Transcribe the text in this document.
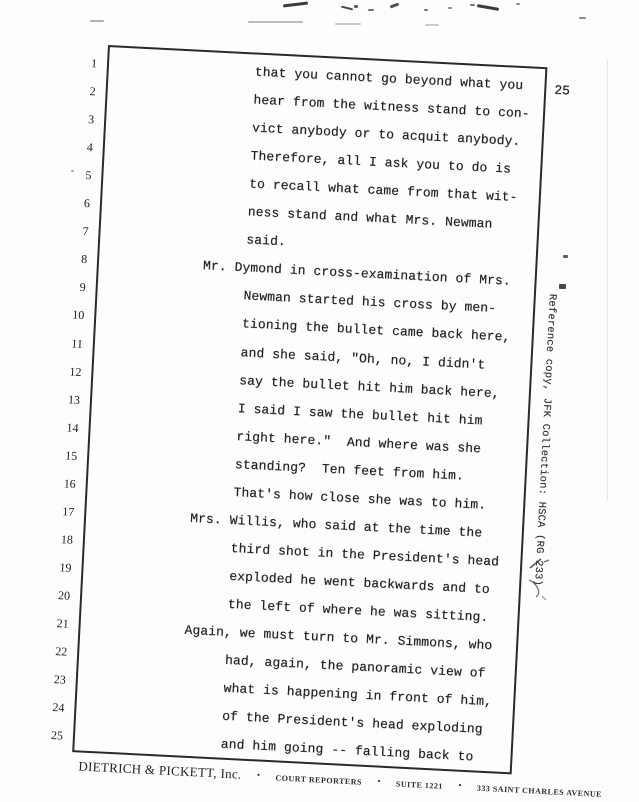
25
1
that you cannot go beyond what you
2
hear from the witness stand to con-
3
vict anybody or to acquit anybody.
4
Therefore, all I ask you to do is
5
to recall what came from that wit-
6
ness stand and what Mrs. Newman
7
said.
8	Mr. Dymond in cross-examination of Mrs.
9
Newman started his cross by men-
10
tioning the bullet came back here,
11
and she said, "Oh, no, I didn't
12
say the bullet hit him back here,
13
I said I saw the bullet hit him
14
right here."  And where was she
15
standing?  Ten feet from him.
16
That's how close she was to him.
17	Mrs. Willis, who said at the time the
18
third shot in the President's head
19
exploded he went backwards and to
20
the left of where he was sitting.
21	Again, we must turn to Mr. Simmons, who
22
had, again, the panoramic view of
23
what is happening in front of him,
24
of the President's head exploding
25
and him going -- falling back to
Reference copy, JFK Collection: HSCA (RG 233)
DIETRICH & PICKETT, Inc. • COURT REPORTERS • SUITE 1221 • 333 SAINT CHARLES AVENUE
